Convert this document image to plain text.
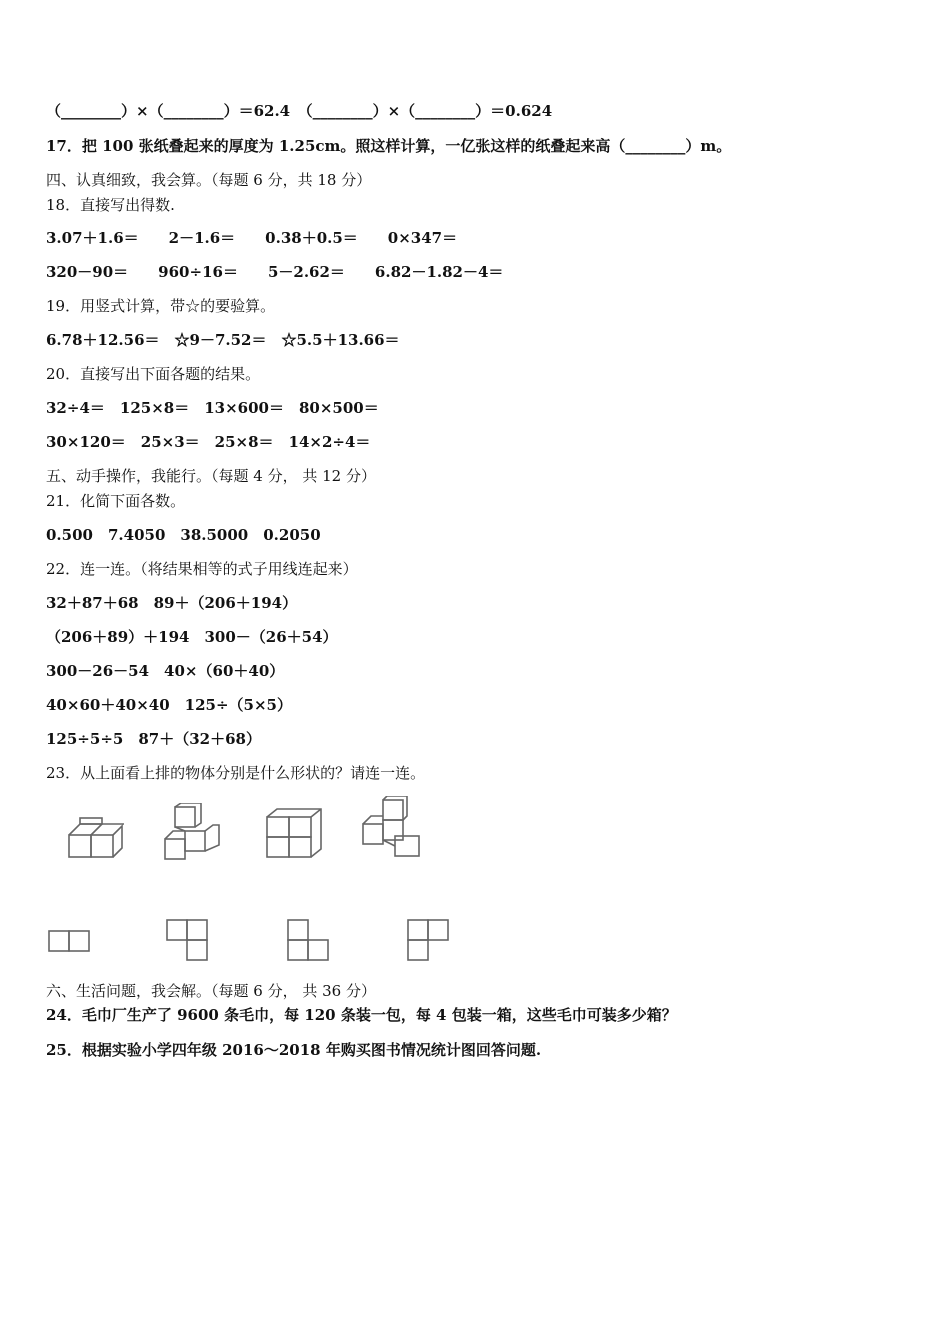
（________）×（________）＝62.4　（________）×（________）＝0.624
17．把 100 张纸叠起来的厚度为 1.25cm。照这样计算，一亿张这样的纸叠起来高（________）m。
四、认真细致，我会算。（每题 6 分，共 18 分）
18．直接写出得数.
3.07＋1.6＝　　2－1.6＝　　0.38＋0.5＝　　0×347＝
320－90＝　　960÷16＝　　5－2.62＝　　6.82－1.82－4＝
19．用竖式计算，带☆的要验算。
6.78＋12.56＝　☆9－7.52＝　☆5.5＋13.66＝
20．直接写出下面各题的结果。
32÷4＝　125×8＝　13×600＝　80×500＝
30×120＝　25×3＝　25×8＝　14×2÷4＝
五、动手操作，我能行。（每题 4 分， 共 12 分）
21．化简下面各数。
0.500　7.4050　38.5000　0.2050
22．连一连。（将结果相等的式子用线连起来）
32＋87＋68　89＋（206＋194）
（206＋89）＋194　300－（26＋54）
300－26－54　40×（60＋40）
40×60＋40×40　125÷（5×5）
125÷5÷5　87＋（32＋68）
23．从上面看上排的物体分别是什么形状的？请连一连。
六、生活问题，我会解。（每题 6 分， 共 36 分）
24．毛巾厂生产了 9600 条毛巾，每 120 条装一包，每 4 包装一箱，这些毛巾可装多少箱？
25．根据实验小学四年级 2016～2018 年购买图书情况统计图回答问题.
